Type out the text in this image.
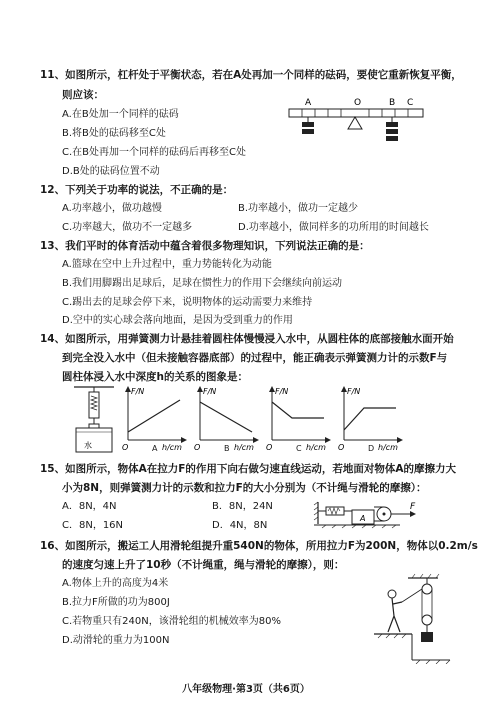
11、如图所示，杠杆处于平衡状态，若在A处再加一个同样的砝码，要使它重新恢复平衡，
则应该：
A.在B处加一个同样的砝码
B.将B处的砝码移至C处
C.在B处再加一个同样的砝码后再移至C处
D.B处的砝码位置不动
A	O	B C
12、下列关于功率的说法，不正确的是：
A.功率越小，做功越慢	B.功率越小，做功一定越少
C.功率越大，做功不一定越多	D.功率越小，做同样多的功所用的时间越长
13、我们平时的体育活动中蕴含着很多物理知识，下列说法正确的是：
A.篮球在空中上升过程中，重力势能转化为动能
B.我们用脚踢出足球后，足球在惯性力的作用下会继续向前运动
C.踢出去的足球会停下来，说明物体的运动需要力来维持
D.空中的实心球会落向地面，是因为受到重力的作用
14、如图所示，用弹簧测力计悬挂着圆柱体慢慢浸入水中，从圆柱体的底部接触水面开始
到完全没入水中（但未接触容器底部）的过程中，能正确表示弹簧测力计的示数F与
圆柱体浸入水中深度h的关系的图象是：
水
F/N
O	h/cm
A
F/N
O	h/cm
B
F/N
O	h/cm
C
F/N
O	h/cm
D
15、如图所示，物体A在拉力F的作用下向右做匀速直线运动，若地面对物体A的摩擦力大
小为8N，则弹簧测力计的示数和拉力F的大小分别为（不计绳与滑轮的摩擦）：
A．8N，4N	B．8N，24N
C．8N，16N	D．4N，8N
A
F
16、如图所示，搬运工人用滑轮组提升重540N的物体，所用拉力F为200N，物体以0.2m/s
的速度匀速上升了10秒（不计绳重，绳与滑轮的摩擦），则：
A.物体上升的高度为4米
B.拉力F所做的功为800J
C.若物重只有240N，该滑轮组的机械效率为80%
D.动滑轮的重力为100N
八年级物理·第3页（共6页）
